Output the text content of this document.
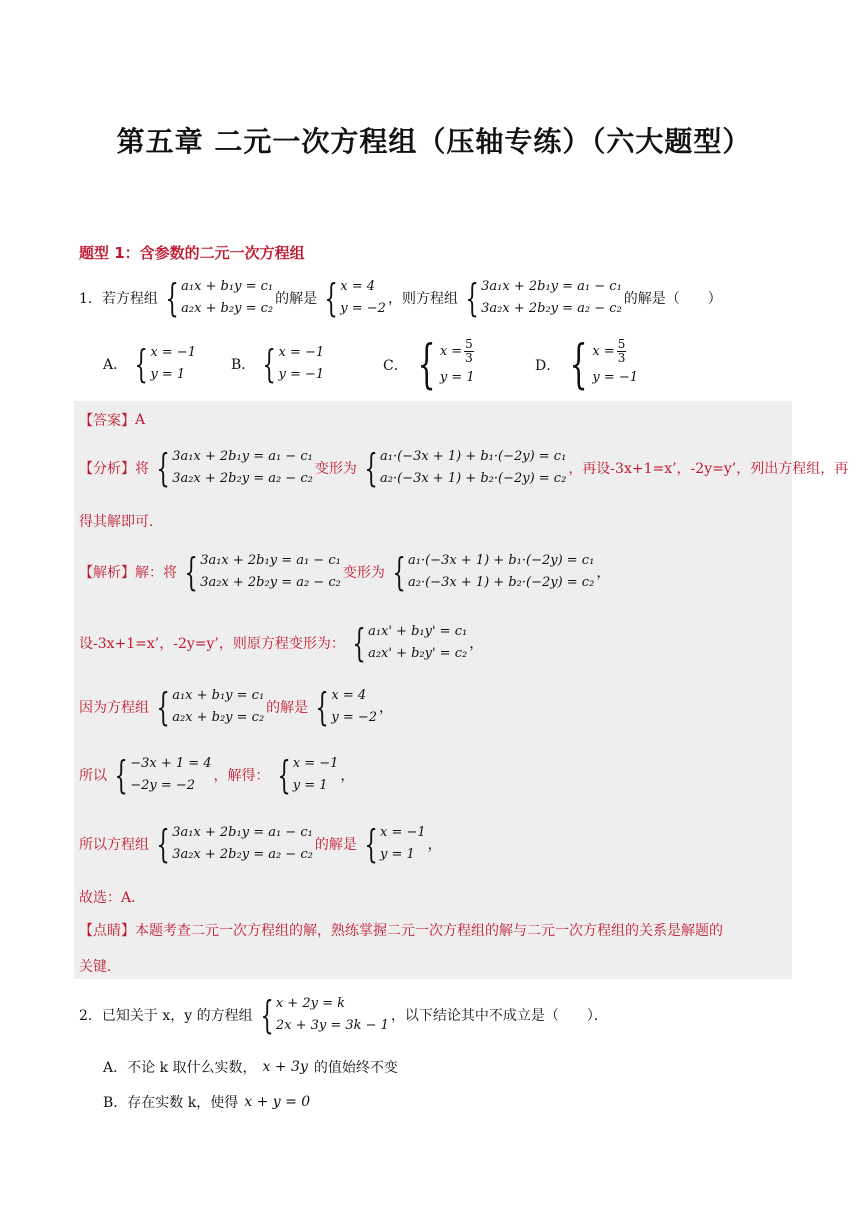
第五章 二元一次方程组（压轴专练）（六大题型）
题型 1：含参数的二元一次方程组
1． 若方程组 { a₁x + b₁y = c₁
a₂x + b₂y = c₂
的解是 { x = 4
y = −2
，则方程组 { 3a₁x + 2b₁y = a₁ − c₁
3a₂x + 2b₂y = a₂ − c₂
的解是（　　）
A． { x = −1
y = 1
B． { x = −1
y = −1
C． { $x = \frac{5}{3}$
y = 1
D． { $x = \frac{5}{3}$
y = −1
【答案】 A
【分析】 将 { 3a₁x + 2b₁y = a₁ − c₁
3a₂x + 2b₂y = a₂ − c₂
变形为 { a₁·(−3x + 1) + b₁·(−2y) = c₁
a₂·(−3x + 1) + b₂·(−2y) = c₂
，再设-3x+1=x’，-2y=y’，列出方程组，再
得其解即可．
【解析】 解：将 { 3a₁x + 2b₁y = a₁ − c₁
3a₂x + 2b₂y = a₂ − c₂
变形为 { a₁·(−3x + 1) + b₁·(−2y) = c₁
a₂·(−3x + 1) + b₂·(−2y) = c₂
，
设-3x+1=x’，-2y=y’，则原方程变形为： { a₁x' + b₁y' = c₁
a₂x' + b₂y' = c₂
，
因为方程组 { a₁x + b₁y = c₁
a₂x + b₂y = c₂
的解是 { x = 4
y = −2
，
所以 { −3x + 1 = 4
−2y = −2
，解得： { x = −1
y = 1
，
所以方程组 { 3a₁x + 2b₁y = a₁ − c₁
3a₂x + 2b₂y = a₂ − c₂
的解是 { x = −1
y = 1
，
故选：A．
【点睛】 本题考查二元一次方程组的解，熟练掌握二元一次方程组的解与二元一次方程组的关系是解题的
关键．
2． 已知关于 x，y 的方程组 { x + 2y = k
2x + 3y = 3k − 1
，以下结论其中不成立是（　　）．
A． 不论 k 取什么实数， x + 3y 的值始终不变
B． 存在实数 k，使得 x + y = 0
